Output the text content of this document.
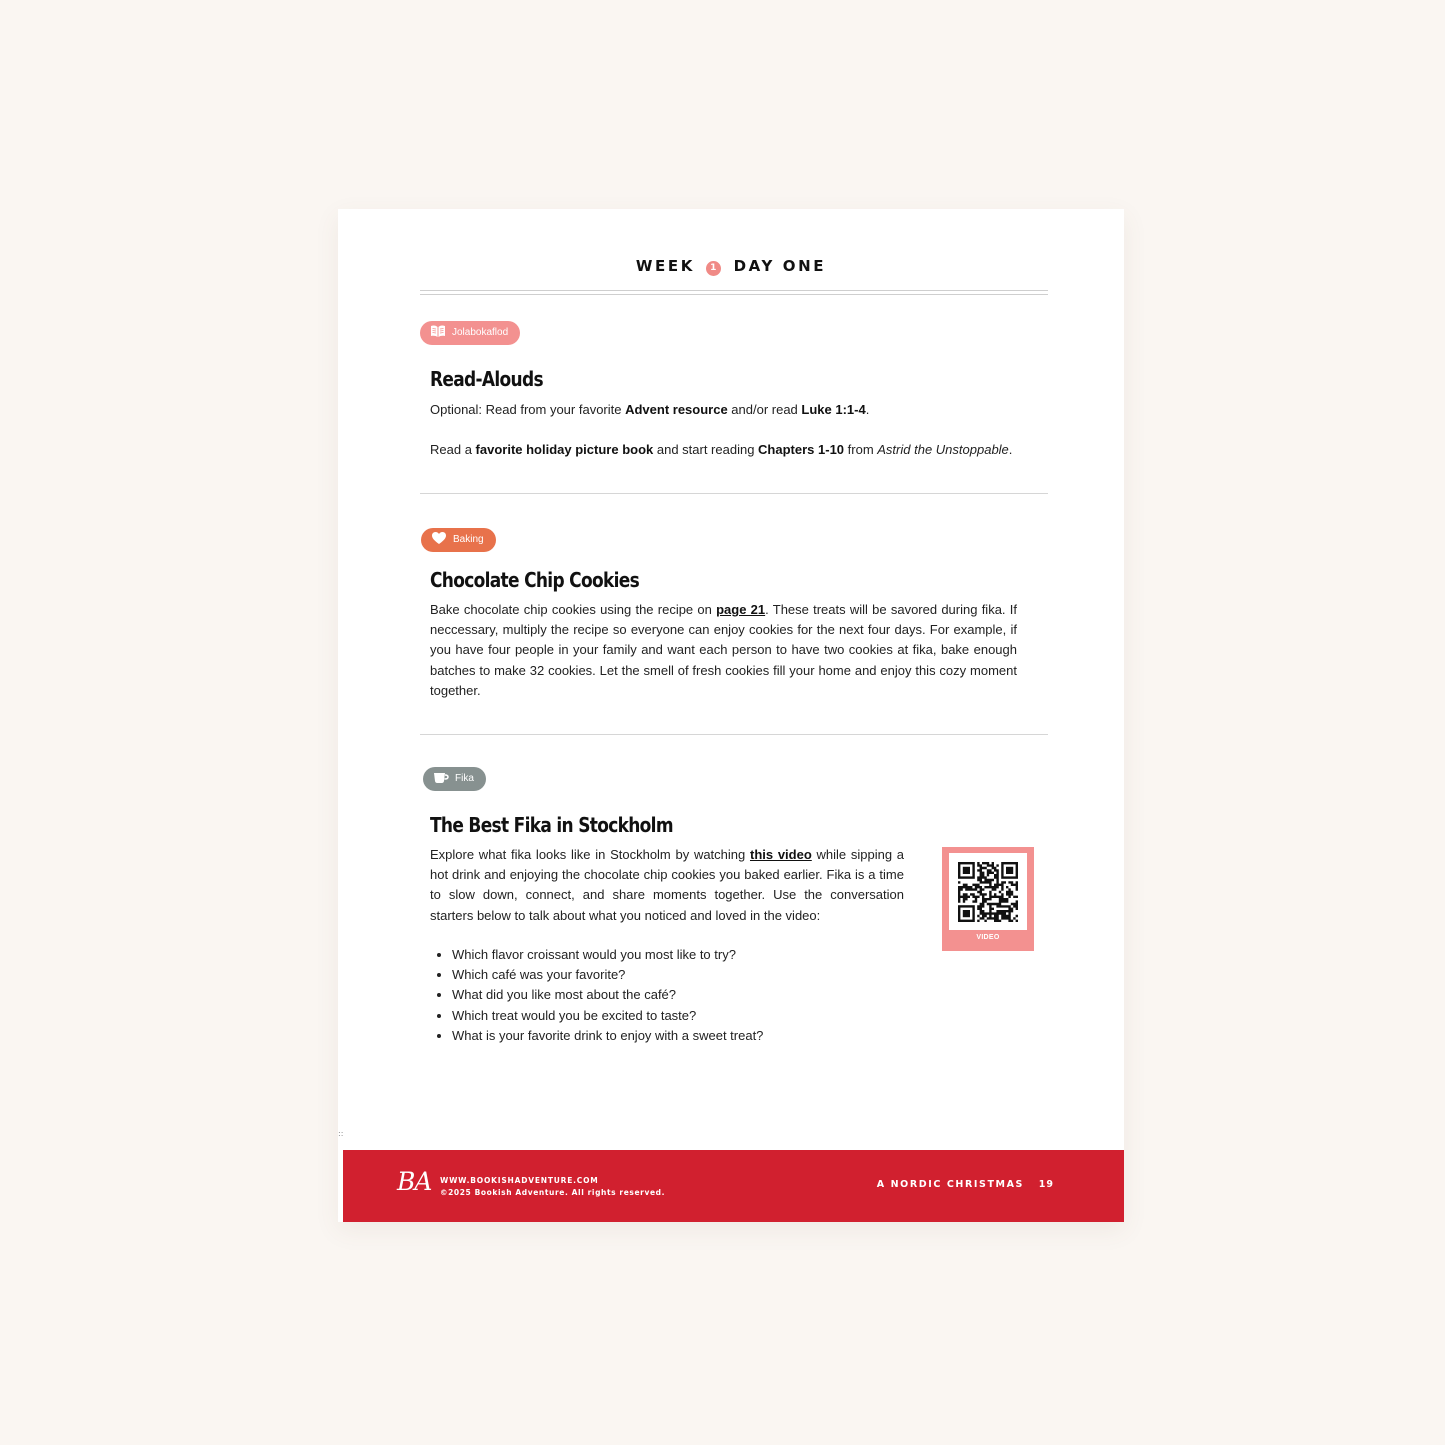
WEEK 1 DAY ONE
Jolabokaflod
Read-Alouds

Optional: Read from your favorite Advent resource and/or read Luke 1:1-4.

Read a favorite holiday picture book and start reading Chapters 1-10 from Astrid the Unstoppable.

Baking
Chocolate Chip Cookies

Bake chocolate chip cookies using the recipe on page 21. These treats will be savored during fika. If neccessary, multiply the recipe so everyone can enjoy cookies for the next four days. For example, if you have four people in your family and want each person to have two cookies at fika, bake enough batches to make 32 cookies. Let the smell of fresh cookies fill your home and enjoy this cozy moment together.

Fika
The Best Fika in Stockholm

Explore what fika looks like in Stockholm by watching this video while sipping a hot drink and enjoying the chocolate chip cookies you baked earlier. Fika is a time to slow down, connect, and share moments together. Use the conversation starters below to talk about what you noticed and loved in the video:

• Which flavor croissant would you most like to try?
• Which café was your favorite?
• What did you like most about the café?
• Which treat would you be excited to taste?
• What is your favorite drink to enjoy with a sweet treat?
VIDEO
::
BA WWW.BOOKISHADVENTURE.COM
©2025 Bookish Adventure. All rights reserved.
A NORDIC CHRISTMAS 19
